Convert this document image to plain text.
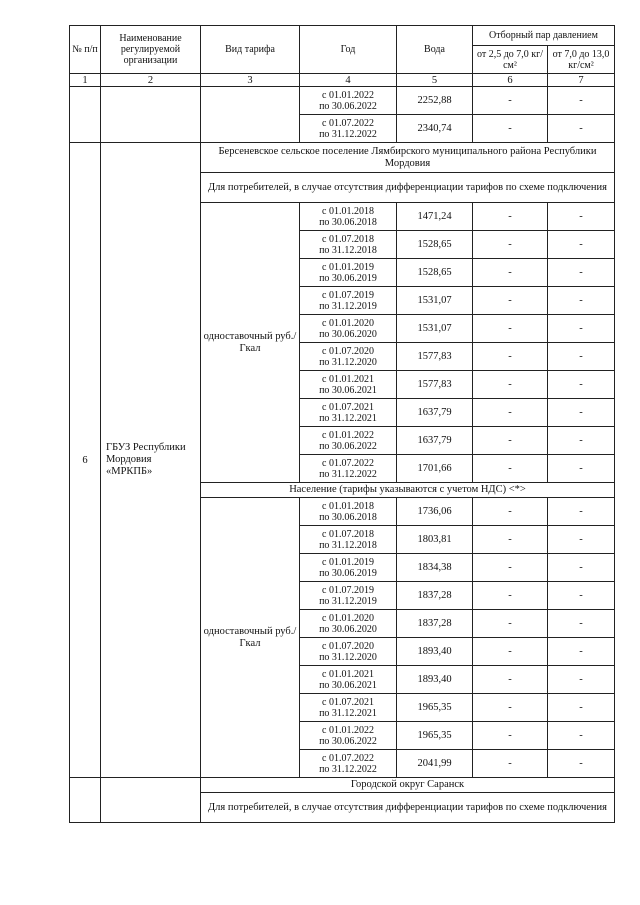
№ п/п	Наименование регулируемой организации	Вид тарифа	Год	Вода	Отборный пар давлением	
					от 2,5 до 7,0 кг/см²	от 7,0 до 13,0 кг/см²
1	2	3	4	5	6	7

			с 01.01.2022
по 30.06.2022	2252,88	-	-

			с 01.07.2022
по 31.12.2022	2340,74	-	-
6	ГБУЗ Республики Мордовия «МРКПБ»	Берсеневское сельское поселение Лямбирского муниципального района Республики Мордовия				
		Для потребителей, в случае отсутствия дифференциации тарифов по схеме подключения				
		одноставочный руб./Гкал	с 01.01.2018
по 30.06.2018	1471,24	-	-

			с 01.07.2018
по 31.12.2018	1528,65	-	-

			с 01.01.2019
по 30.06.2019	1528,65	-	-

			с 01.07.2019
по 31.12.2019	1531,07	-	-

			с 01.01.2020
по 30.06.2020	1531,07	-	-

			с 01.07.2020
по 31.12.2020	1577,83	-	-

			с 01.01.2021
по 30.06.2021	1577,83	-	-

			с 01.07.2021
по 31.12.2021	1637,79	-	-

			с 01.01.2022
по 30.06.2022	1637,79	-	-

			с 01.07.2022
по 31.12.2022	1701,66	-	-
		Население (тарифы указываются с учетом НДС) <*>				
		одноставочный руб./Гкал	с 01.01.2018
по 30.06.2018	1736,06	-	-

			с 01.07.2018
по 31.12.2018	1803,81	-	-

			с 01.01.2019
по 30.06.2019	1834,38	-	-

			с 01.07.2019
по 31.12.2019	1837,28	-	-

			с 01.01.2020
по 30.06.2020	1837,28	-	-

			с 01.07.2020
по 31.12.2020	1893,40	-	-

			с 01.01.2021
по 30.06.2021	1893,40	-	-

			с 01.07.2021
по 31.12.2021	1965,35	-	-

			с 01.01.2022
по 30.06.2022	1965,35	-	-

			с 01.07.2022
по 31.12.2022	2041,99	-	-
		Городской округ Саранск				
		Для потребителей, в случае отсутствия дифференциации тарифов по схеме подключения				
